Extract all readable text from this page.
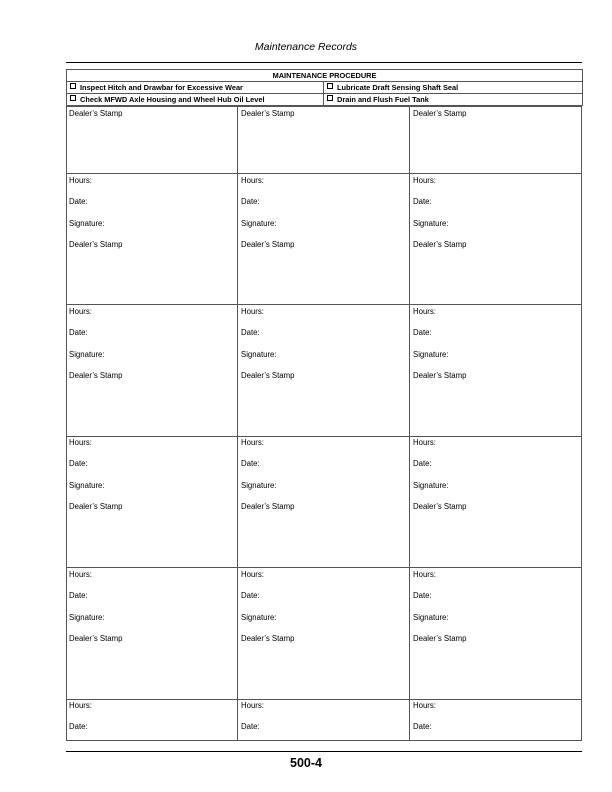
Maintenance Records
MAINTENANCE PROCEDURE	
Inspect Hitch and Drawbar for Excessive Wear	Lubricate Draft Sensing Shaft Seal
Check MFWD Axle Housing and Wheel Hub Oil Level	Drain and Flush Fuel Tank
500-4
Dealer’s Stamp	Dealer’s Stamp	Dealer’s Stamp
Hours:	Hours:	Hours:
Date:	Date:	Date:
Signature:	Signature:	Signature:
Dealer’s Stamp	Dealer’s Stamp	Dealer’s Stamp
Hours:	Hours:	Hours:
Date:	Date:	Date:
Signature:	Signature:	Signature:
Dealer’s Stamp	Dealer’s Stamp	Dealer’s Stamp
Hours:	Hours:	Hours:
Date:	Date:	Date:
Signature:	Signature:	Signature:
Dealer’s Stamp	Dealer’s Stamp	Dealer’s Stamp
Hours:	Hours:	Hours:
Date:	Date:	Date:
Signature:	Signature:	Signature:
Dealer’s Stamp	Dealer’s Stamp	Dealer’s Stamp
Hours:	Hours:	Hours:
Date:	Date:	Date:
